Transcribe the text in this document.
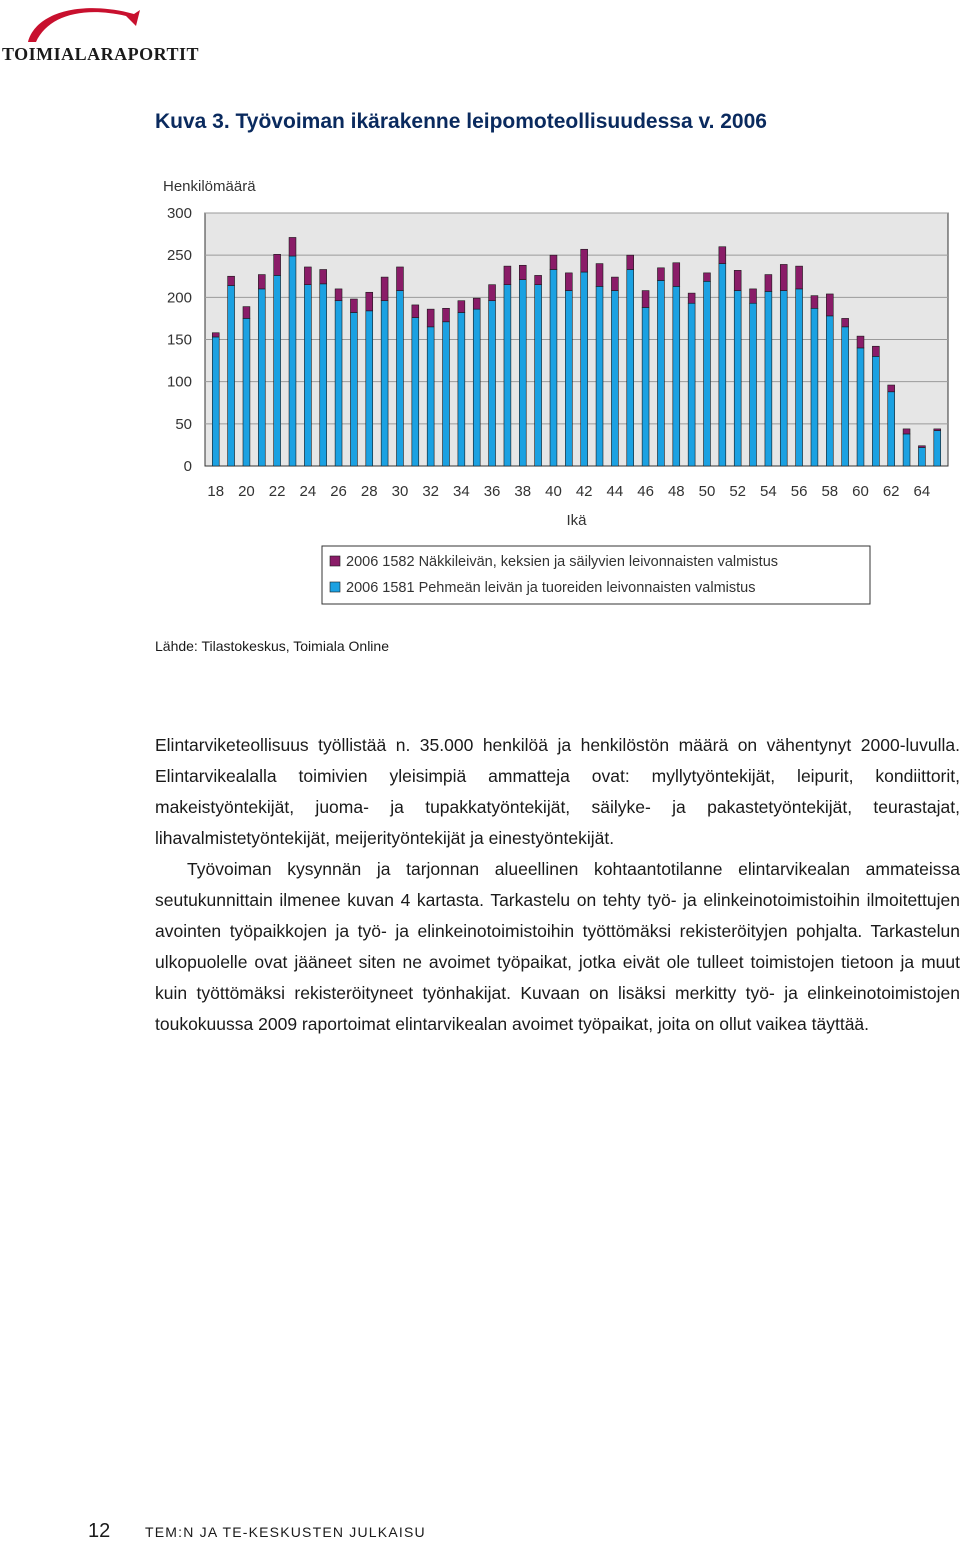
TOIMIALARAPORTIT
Kuva 3. Työvoiman ikärakenne leipomoteollisuudessa v. 2006
0
50
100
150
200
250
300
Henkilömäärä
18 20 22 24 26 28 30 32 34 36 38 40 42 44 46 48 50 52 54 56 58 60 62 64
Ikä
2006 1582 Näkkileivän, keksien ja säilyvien leivonnaisten valmistus
2006 1581 Pehmeän leivän ja tuoreiden leivonnaisten valmistus
Lähde: Tilastokeskus, Toimiala Online

Elintarviketeollisuus työllistää n. 35.000 henkilöä ja henkilöstön määrä on vähentynyt 2000-luvulla. Elintarvikealalla toimivien yleisimpiä ammatteja ovat: myllytyöntekijät, leipurit, kondiittorit, makeistyöntekijät, juoma- ja tupakkatyöntekijät, säilyke- ja pakastetyöntekijät, teurastajat, lihavalmistetyöntekijät, meijerityöntekijät ja einestyöntekijät.

Työvoiman kysynnän ja tarjonnan alueellinen kohtaantotilanne elintarvikealan ammateissa seutukunnittain ilmenee kuvan 4 kartasta. Tarkastelu on tehty työ- ja elinkeinotoimistoihin ilmoitettujen avointen työpaikkojen ja työ- ja elinkeinotoimistoihin työttömäksi rekisteröityjen pohjalta. Tarkastelun ulkopuolelle ovat jääneet siten ne avoimet työpaikat, jotka eivät ole tulleet toimistojen tietoon ja muut kuin työttömäksi rekisteröityneet työnhakijat. Kuvaan on lisäksi merkitty työ- ja elinkeinotoimistojen toukokuussa 2009 raportoimat elintarvikealan avoimet työpaikat, joita on ollut vaikea täyttää.

12 TEM:N JA TE-KESKUSTEN JULKAISU
